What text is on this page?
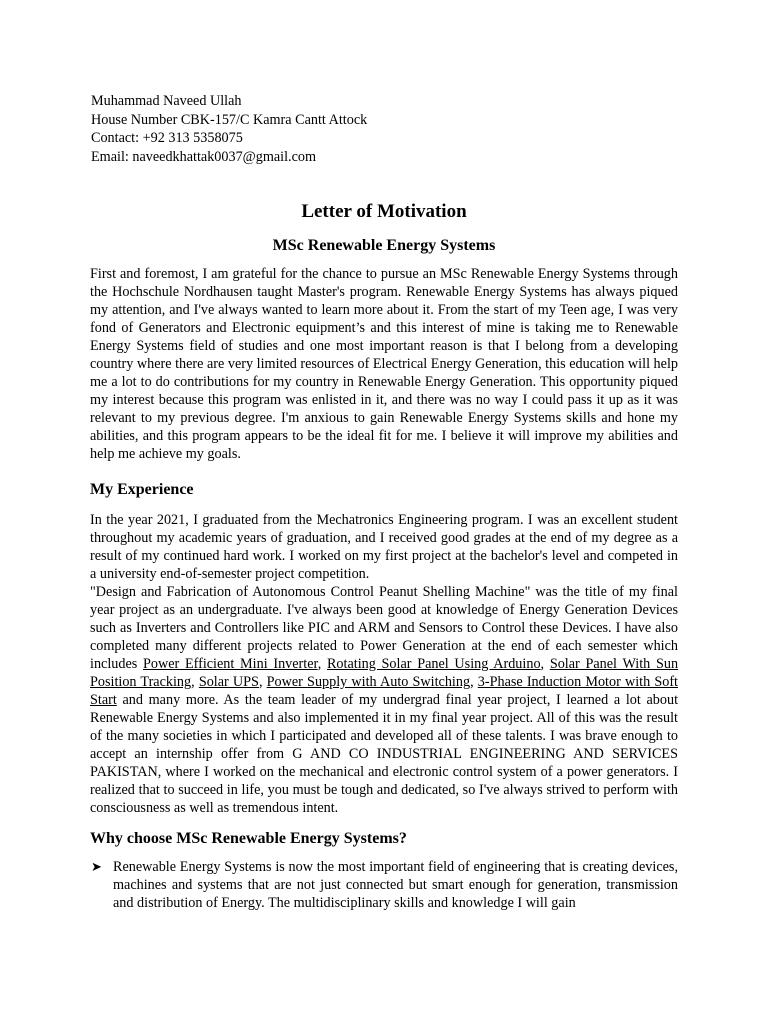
Muhammad Naveed Ullah
House Number CBK-157/C Kamra Cantt Attock
Contact: +92 313 5358075
Email: naveedkhattak0037@gmail.com
Letter of Motivation
MSc Renewable Energy Systems

First and foremost, I am grateful for the chance to pursue an MSc Renewable Energy Systems through the Hochschule Nordhausen taught Master's program. Renewable Energy Systems has always piqued my attention, and I've always wanted to learn more about it. From the start of my Teen age, I was very fond of Generators and Electronic equipment’s and this interest of mine is taking me to Renewable Energy Systems field of studies and one most important reason is that I belong from a developing country where there are very limited resources of Electrical Energy Generation, this education will help me a lot to do contributions for my country in Renewable Energy Generation. This opportunity piqued my interest because this program was enlisted in it, and there was no way I could pass it up as it was relevant to my previous degree. I'm anxious to gain Renewable Energy Systems skills and hone my abilities, and this program appears to be the ideal fit for me. I believe it will improve my abilities and help me achieve my goals.

My Experience
In the year 2021, I graduated from the Mechatronics Engineering program. I was an excellent student throughout my academic years of graduation, and I received good grades at the end of my degree as a result of my continued hard work. I worked on my first project at the bachelor's level and competed in a university end-of-semester project competition.
"Design and Fabrication of Autonomous Control Peanut Shelling Machine" was the title of my final year project as an undergraduate. I've always been good at knowledge of Energy Generation Devices such as Inverters and Controllers like PIC and ARM and Sensors to Control these Devices. I have also completed many different projects related to Power Generation at the end of each semester which includes Power Efficient Mini Inverter, Rotating Solar Panel Using Arduino, Solar Panel With Sun Position Tracking, Solar UPS, Power Supply with Auto Switching, 3-Phase Induction Motor with Soft Start and many more. As the team leader of my undergrad final year project, I learned a lot about Renewable Energy Systems and also implemented it in my final year project. All of this was the result of the many societies in which I participated and developed all of these talents. I was brave enough to accept an internship offer from G AND CO INDUSTRIAL ENGINEERING AND SERVICES PAKISTAN, where I worked on the mechanical and electronic control system of a power generators. I realized that to succeed in life, you must be tough and dedicated, so I've always strived to perform with consciousness as well as tremendous intent.
Why choose MSc Renewable Energy Systems?
➤ Renewable Energy Systems is now the most important field of engineering that is creating devices, machines and systems that are not just connected but smart enough for generation, transmission and distribution of Energy. The multidisciplinary skills and knowledge I will gain
